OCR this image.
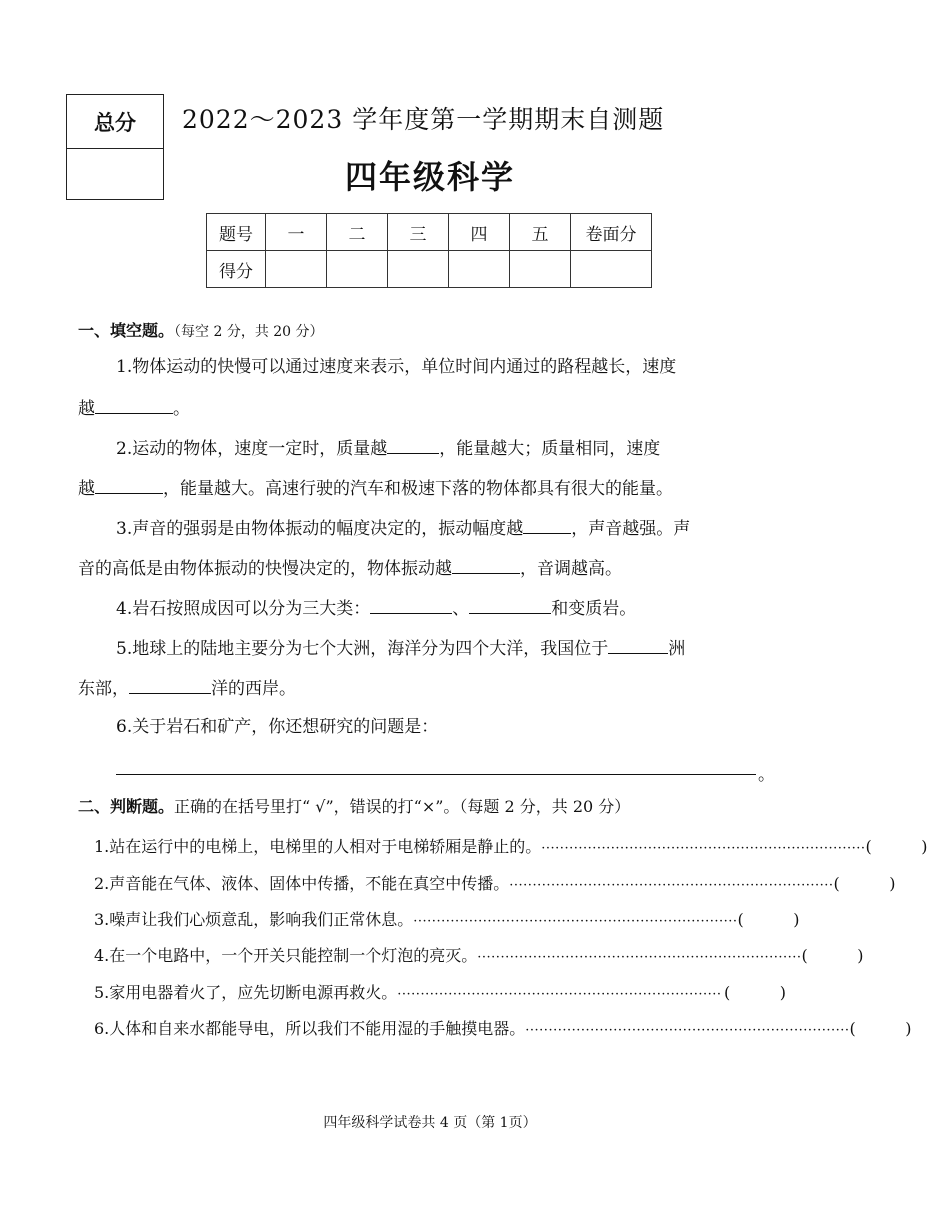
总分	2022～2023 学年度第一学期期末自测题
四年级科学
题号	一	二	三	四	五	卷面分
得分						
一、填空题。（每空 2 分，共 20 分）
1.物体运动的快慢可以通过速度来表示，单位时间内通过的路程越长，速度
越	。
2.运动的物体，速度一定时，质量越	，能量越大；质量相同，速度
越	，能量越大。高速行驶的汽车和极速下落的物体都具有很大的能量。
3.声音的强弱是由物体振动的幅度决定的，振动幅度越	，声音越强。声
音的高低是由物体振动的快慢决定的，物体振动越	，音调越高。
4.岩石按照成因可以分为三大类：	、	和变质岩。
5.地球上的陆地主要分为七个大洲，海洋分为四个大洋，我国位于	洲
东部，	洋的西岸。
6.关于岩石和矿产，你还想研究的问题是：
。
二、判断题。正确的在括号里打“ √”，错误的打“×”。（每题 2 分，共 20 分）
1.站在运行中的电梯上，电梯里的人相对于电梯轿厢是静止的。 ······································································ (	)
2.声音能在气体、液体、固体中传播，不能在真空中传播。 ······································································ (	)
3.噪声让我们心烦意乱，影响我们正常休息。 ······································································ (	)
4.在一个电路中，一个开关只能控制一个灯泡的亮灭。 ······································································ (	)
5.家用电器着火了，应先切断电源再救火。 ······································································ (	)
6.人体和自来水都能导电，所以我们不能用湿的手触摸电器。 ······································································ (	)
四年级科学试卷共 4 页（第 1页）
